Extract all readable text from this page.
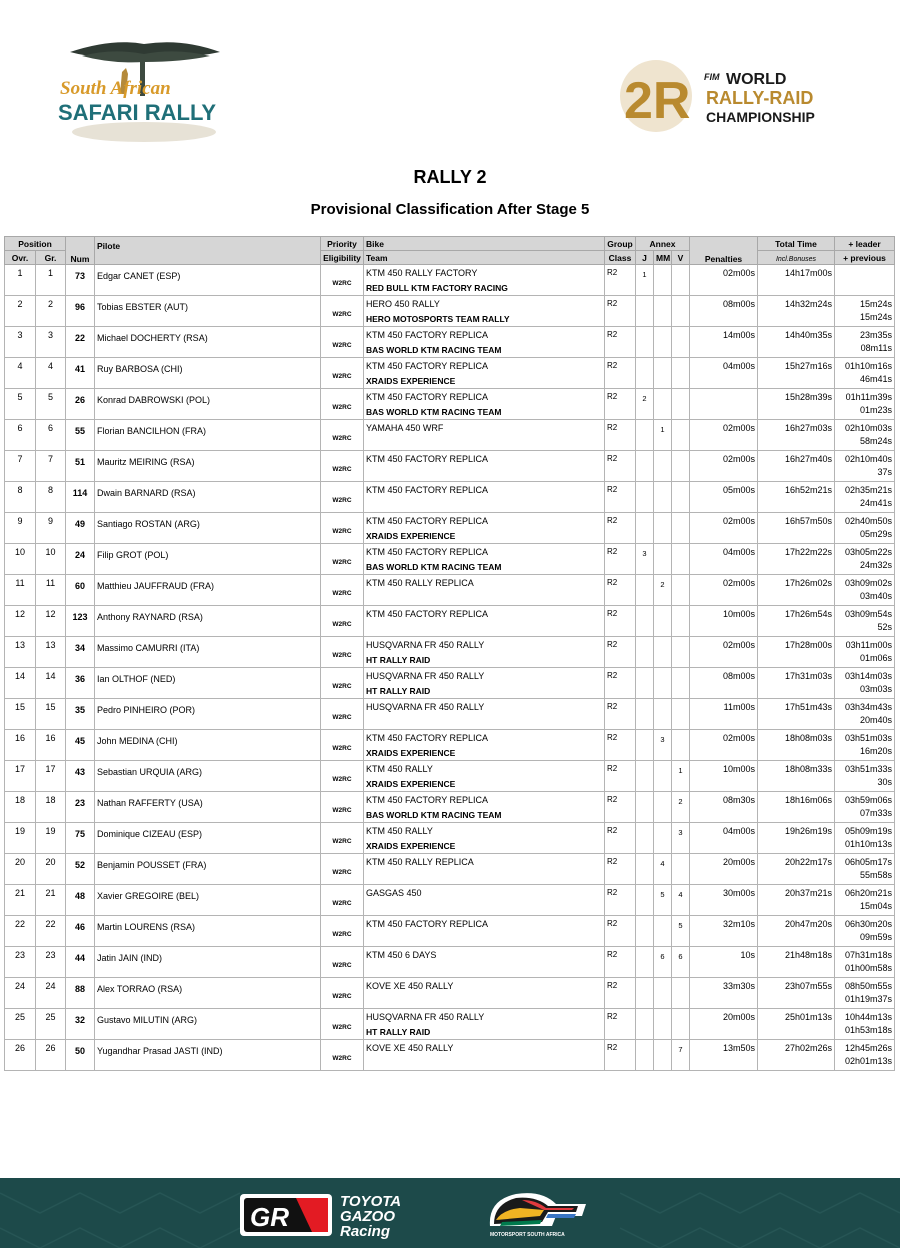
South African
SAFARI RALLY	2R FIM WORLD
RALLY-RAID
CHAMPIONSHIP
RALLY 2
Provisional Classification After Stage 5
Position		Num	Pilote	Priority	Bike	Group	Annex			Penalties	Total Time	+ leader
Ovr.	Gr.			Eligibility	Team	Class	J	MM	V		Incl.Bonuses	+ previous

1	1	73	Edgar CANET (ESP)	W2RC	KTM 450 RALLY FACTORY
RED BULL KTM FACTORY RACING	R2	1			02m00s	14h17m00s	

2	2	96	Tobias EBSTER (AUT)	W2RC	HERO 450 RALLY
HERO MOTOSPORTS TEAM RALLY	R2				08m00s	14h32m24s	15m24s
15m24s

3	3	22	Michael DOCHERTY (RSA)	W2RC	KTM 450 FACTORY REPLICA
BAS WORLD KTM RACING TEAM	R2				14m00s	14h40m35s	23m35s
08m11s

4	4	41	Ruy BARBOSA (CHI)	W2RC	KTM 450 FACTORY REPLICA
XRAIDS EXPERIENCE	R2				04m00s	15h27m16s	01h10m16s
46m41s

5	5	26	Konrad DABROWSKI (POL)	W2RC	KTM 450 FACTORY REPLICA
BAS WORLD KTM RACING TEAM	R2	2				15h28m39s	01h11m39s
01m23s

6	6	55	Florian BANCILHON (FRA)	W2RC	YAMAHA 450 WRF	R2		1		02m00s	16h27m03s	02h10m03s
58m24s

7	7	51	Mauritz MEIRING (RSA)	W2RC	KTM 450 FACTORY REPLICA	R2				02m00s	16h27m40s	02h10m40s
37s

8	8	114	Dwain BARNARD (RSA)	W2RC	KTM 450 FACTORY REPLICA	R2				05m00s	16h52m21s	02h35m21s
24m41s

9	9	49	Santiago ROSTAN (ARG)	W2RC	KTM 450 FACTORY REPLICA
XRAIDS EXPERIENCE	R2				02m00s	16h57m50s	02h40m50s
05m29s

10	10	24	Filip GROT (POL)	W2RC	KTM 450 FACTORY REPLICA
BAS WORLD KTM RACING TEAM	R2	3			04m00s	17h22m22s	03h05m22s
24m32s

11	11	60	Matthieu JAUFFRAUD (FRA)	W2RC	KTM 450 RALLY REPLICA	R2		2		02m00s	17h26m02s	03h09m02s
03m40s

12	12	123	Anthony RAYNARD (RSA)	W2RC	KTM 450 FACTORY REPLICA	R2				10m00s	17h26m54s	03h09m54s
52s

13	13	34	Massimo CAMURRI (ITA)	W2RC	HUSQVARNA FR 450 RALLY
HT RALLY RAID	R2				02m00s	17h28m00s	03h11m00s
01m06s

14	14	36	Ian OLTHOF (NED)	W2RC	HUSQVARNA FR 450 RALLY
HT RALLY RAID	R2				08m00s	17h31m03s	03h14m03s
03m03s

15	15	35	Pedro PINHEIRO (POR)	W2RC	HUSQVARNA FR 450 RALLY	R2				11m00s	17h51m43s	03h34m43s
20m40s

16	16	45	John MEDINA (CHI)	W2RC	KTM 450 FACTORY REPLICA
XRAIDS EXPERIENCE	R2		3		02m00s	18h08m03s	03h51m03s
16m20s

17	17	43	Sebastian URQUIA (ARG)	W2RC	KTM 450 RALLY
XRAIDS EXPERIENCE	R2			1	10m00s	18h08m33s	03h51m33s
30s

18	18	23	Nathan RAFFERTY (USA)	W2RC	KTM 450 FACTORY REPLICA
BAS WORLD KTM RACING TEAM	R2			2	08m30s	18h16m06s	03h59m06s
07m33s

19	19	75	Dominique CIZEAU (ESP)	W2RC	KTM 450 RALLY
XRAIDS EXPERIENCE	R2			3	04m00s	19h26m19s	05h09m19s
01h10m13s

20	20	52	Benjamin POUSSET (FRA)	W2RC	KTM 450 RALLY REPLICA	R2		4		20m00s	20h22m17s	06h05m17s
55m58s

21	21	48	Xavier GREGOIRE (BEL)	W2RC	GASGAS 450	R2		5	4	30m00s	20h37m21s	06h20m21s
15m04s

22	22	46	Martin LOURENS (RSA)	W2RC	KTM 450 FACTORY REPLICA	R2			5	32m10s	20h47m20s	06h30m20s
09m59s

23	23	44	Jatin JAIN (IND)	W2RC	KTM 450 6 DAYS	R2		6	6	10s	21h48m18s	07h31m18s
01h00m58s

24	24	88	Alex TORRAO (RSA)	W2RC	KOVE XE 450 RALLY	R2				33m30s	23h07m55s	08h50m55s
01h19m37s

25	25	32	Gustavo MILUTIN (ARG)	W2RC	HUSQVARNA FR 450 RALLY
HT RALLY RAID	R2				20m00s	25h01m13s	10h44m13s
01h53m18s

26	26	50	Yugandhar Prasad JASTI (IND)	W2RC	KOVE XE 450 RALLY	R2			7	13m50s	27h02m26s	12h45m26s
02h01m13s
GR
TOYOTA
GAZOO
Racing	MOTORSPORT SOUTH AFRICA
